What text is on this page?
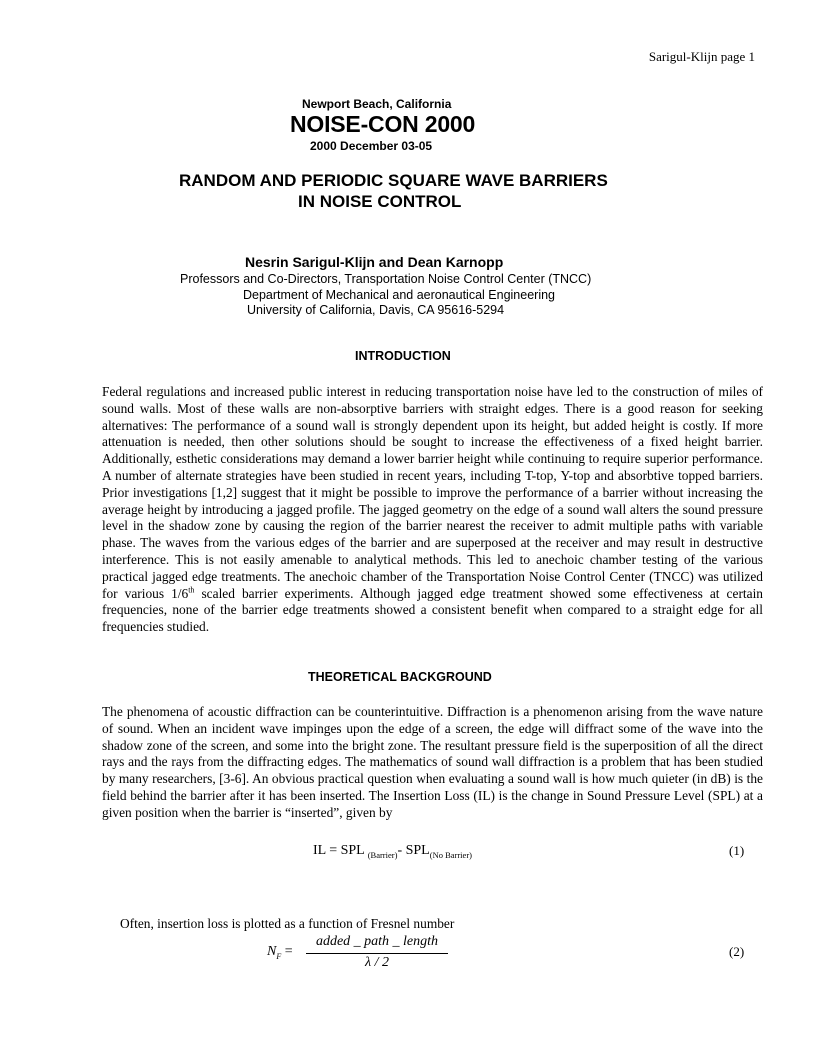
Sarigul-Klijn page 1
Newport Beach, California
NOISE-CON 2000
2000 December 03-05
RANDOM AND PERIODIC SQUARE WAVE BARRIERS
IN NOISE CONTROL
Nesrin Sarigul-Klijn and Dean Karnopp
Professors and Co-Directors, Transportation Noise Control Center (TNCC)
Department of Mechanical and aeronautical Engineering
University of California, Davis, CA 95616-5294
INTRODUCTION
Federal regulations and increased public interest in reducing transportation noise have led to the construction of miles of sound walls. Most of these walls are non-absorptive barriers with straight edges. There is a good reason for seeking alternatives: The performance of a sound wall is strongly dependent upon its height, but added height is costly. If more attenuation is needed, then other solutions should be sought to increase the effectiveness of a fixed height barrier. Additionally, esthetic considerations may demand a lower barrier height while continuing to require superior performance. A number of alternate strategies have been studied in recent years, including T-top, Y-top and absorbtive topped barriers. Prior investigations [1,2] suggest that it might be possible to improve the performance of a barrier without increasing the average height by introducing a jagged profile. The jagged geometry on the edge of a sound wall alters the sound pressure level in the shadow zone by causing the region of the barrier nearest the receiver to admit multiple paths with variable phase. The waves from the various edges of the barrier and are superposed at the receiver and may result in destructive interference. This is not easily amenable to analytical methods. This led to anechoic chamber testing of the various practical jagged edge treatments. The anechoic chamber of the Transportation Noise Control Center (TNCC) was utilized for various 1/6th scaled barrier experiments. Although jagged edge treatment showed some effectiveness at certain frequencies, none of the barrier edge treatments showed a consistent benefit when compared to a straight edge for all frequencies studied.
THEORETICAL BACKGROUND
The phenomena of acoustic diffraction can be counterintuitive. Diffraction is a phenomenon arising from the wave nature of sound. When an incident wave impinges upon the edge of a screen, the edge will diffract some of the wave into the shadow zone of the screen, and some into the bright zone. The resultant pressure field is the superposition of all the direct rays and the rays from the diffracting edges. The mathematics of sound wall diffraction is a problem that has been studied by many researchers, [3-6]. An obvious practical question when evaluating a sound wall is how much quieter (in dB) is the field behind the barrier after it has been inserted. The Insertion Loss (IL) is the change in Sound Pressure Level (SPL) at a given position when the barrier is “inserted”, given by
IL = SPL $_{(Barrier)}$- $SPL_{(No Barrier)}$	(1)
Often, insertion loss is plotted as a function of Fresnel number
$N_F$ =
added _ path _ length
λ / 2
(2)
